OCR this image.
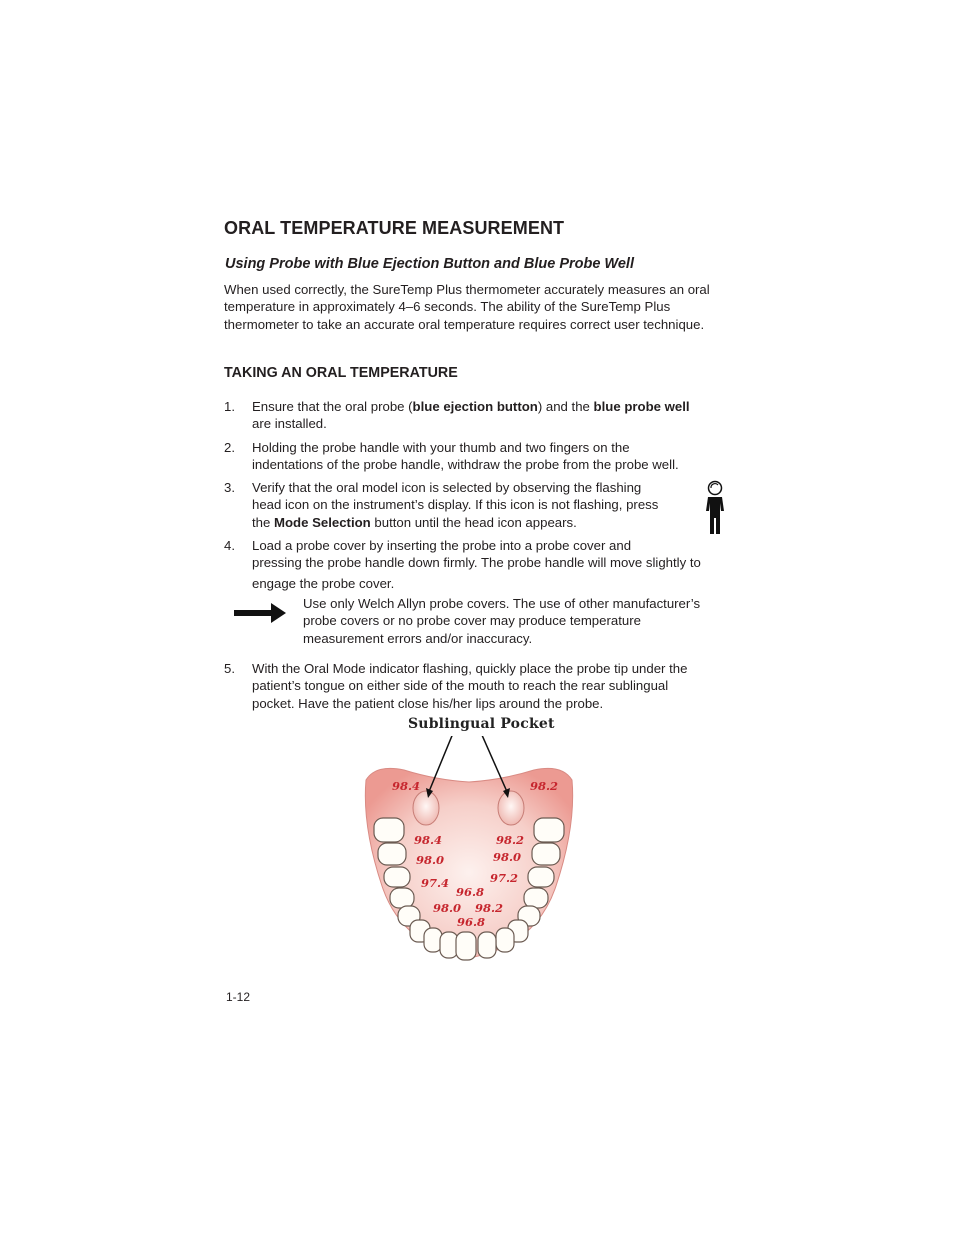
ORAL TEMPERATURE MEASUREMENT
Using Probe with Blue Ejection Button and Blue Probe Well

When used correctly, the SureTemp Plus thermometer accurately measures an oral temperature in approximately 4–6 seconds. The ability of the SureTemp Plus thermometer to take an accurate oral temperature requires correct user technique.

TAKING AN ORAL TEMPERATURE
1. Ensure that the oral probe (blue ejection button) and the blue probe well
are installed.
2. Holding the probe handle with your thumb and two fingers on the
indentations of the probe handle, withdraw the probe from the probe well.
3. Verify that the oral model icon is selected by observing the flashing
head icon on the instrument’s display. If this icon is not flashing, press
the Mode Selection button until the head icon appears.
4. Load a probe cover by inserting the probe into a probe cover and
pressing the probe handle down firmly. The probe handle will move slightly to
engage the probe cover.
Use only Welch Allyn probe covers. The use of other manufacturer’s
probe covers or no probe cover may produce temperature
measurement errors and/or inaccuracy.
5. With the Oral Mode indicator flashing, quickly place the probe tip under the
patient’s tongue on either side of the mouth to reach the rear sublingual
pocket. Have the patient close his/her lips around the probe.
Sublingual Pocket
98.4	98.2
98.4	98.2
98.0	98.0
97.4	97.2
96.8
98.0 98.2
96.8
1-12
